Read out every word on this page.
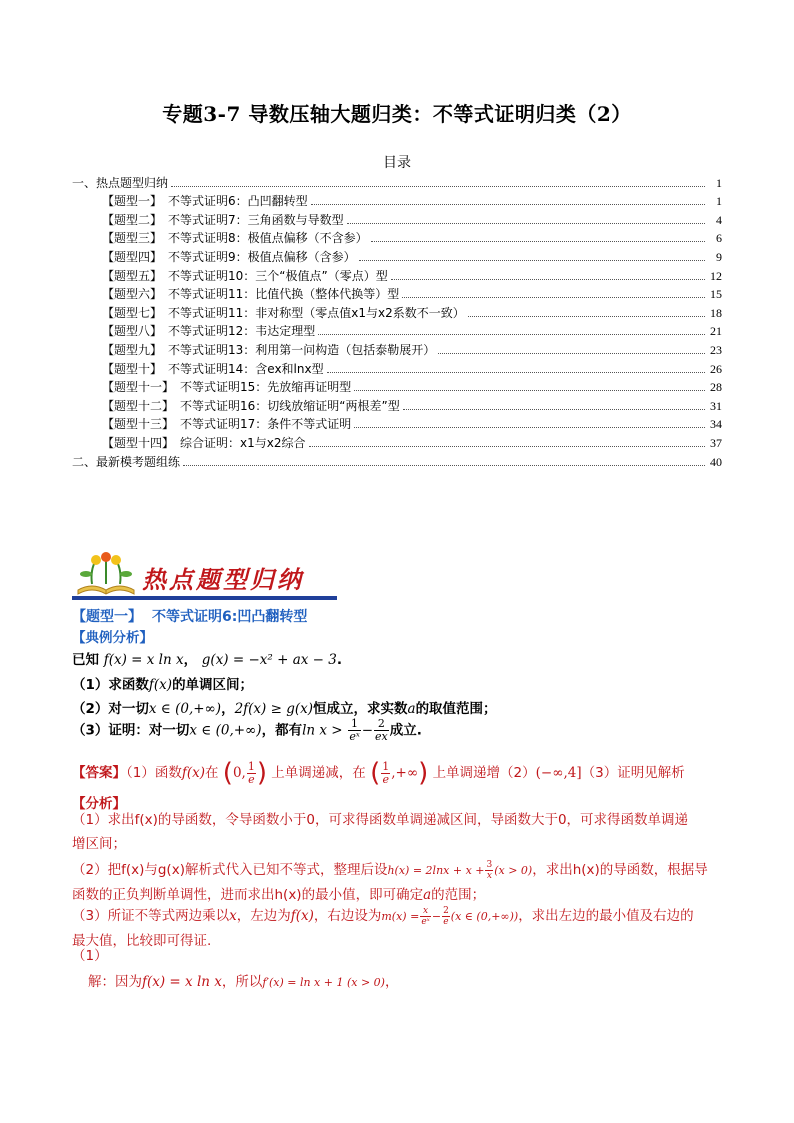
专题3-7 导数压轴大题归类：不等式证明归类（2）
目录
一、热点题型归纳	1
【题型一】 不等式证明6：凸凹翻转型	1
【题型二】 不等式证明7：三角函数与导数型	4
【题型三】 不等式证明8：极值点偏移（不含参）	6
【题型四】 不等式证明9：极值点偏移（含参）	9
【题型五】 不等式证明10：三个“极值点”（零点）型	12
【题型六】 不等式证明11：比值代换（整体代换等）型	15
【题型七】 不等式证明11：非对称型（零点值x1与x2系数不一致）	18
【题型八】 不等式证明12：韦达定理型	21
【题型九】 不等式证明13：利用第一问构造（包括泰勒展开）	23
【题型十】 不等式证明14：含ex和lnx型	26
【题型十一】 不等式证明15：先放缩再证明型	28
【题型十二】 不等式证明16：切线放缩证明“两根差”型	31
【题型十三】 不等式证明17：条件不等式证明	34
【题型十四】 综合证明：x1与x2综合	37
二、最新模考题组练	40
热点题型归纳
【题型一】 不等式证明6:凹凸翻转型
【典例分析】
已知 f(x) = x ln x， g(x) = −x² + ax − 3.
（1）求函数f(x)的单调区间；
（2）对一切x ∈ (0,+∞)，2f(x) ≥ g(x)恒成立，求实数a的取值范围；
（3）证明：对一切x ∈ (0,+∞)，都有$\ln x > \frac{1}{\text{eˣ}} - \frac{2}{ex}$ 成立.
【答案】（1）函数f(x)在 (0, $\frac{1}{e}$ ) 上单调递减，在 ( $\frac{1}{e}$ ,+∞) 上单调递增（2）(−∞,4]（3）证明见解析
【分析】
（1）求出f(x)的导函数，令导函数小于0，可求得函数单调递减区间，导函数大于0，可求得函数单调递
增区间；
（2）把f(x)与g(x)解析式代入已知不等式，整理后设$h(x) = 2\ln x + x + \frac{3}{x} (x > 0)$，求出h(x)的导函数，根据导
函数的正负判断单调性，进而求出h(x)的最小值，即可确定a的范围；
（3）所证不等式两边乘以x，左边为f(x)，右边设为$m(x) = \frac{x}{\text{eˣ}} - \frac{2}{e} (x$ ∈ (0,+∞))，求出左边的最小值及右边的
最大值，比较即可得证.
（1）
解：因为f(x) = x ln x，所以f′(x) = ln x + 1 (x > 0)，
